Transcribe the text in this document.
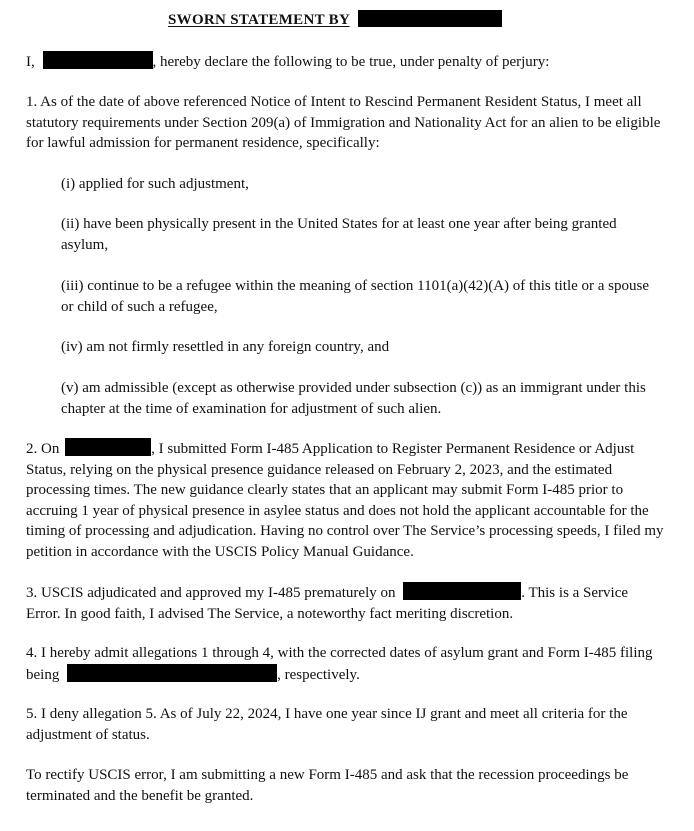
SWORN STATEMENT BY

I,	, hereby declare the following to be true, under penalty of perjury:

1. As of the date of above referenced Notice of Intent to Rescind Permanent Resident Status, I meet all statutory requirements under Section 209(a) of Immigration and Nationality Act for an alien to be eligible for lawful admission for permanent residence, specifically:

(i) applied for such adjustment,

(ii) have been physically present in the United States for at least one year after being granted asylum,

(iii) continue to be a refugee within the meaning of section 1101(a)(42)(A) of this title or a spouse or child of such a refugee,

(iv) am not firmly resettled in any foreign country, and

(v) am admissible (except as otherwise provided under subsection (c)) as an immigrant under this chapter at the time of examination for adjustment of such alien.

2. On	, I submitted Form I-485 Application to Register Permanent Residence or Adjust Status, relying on the physical presence guidance released on February 2, 2023, and the estimated processing times. The new guidance clearly states that an applicant may submit Form I-485 prior to accruing 1 year of physical presence in asylee status and does not hold the applicant accountable for the timing of processing and adjudication. Having no control over The Service’s processing speeds, I filed my petition in accordance with the USCIS Policy Manual Guidance.

3. USCIS adjudicated and approved my I-485 prematurely on	. This is a Service Error. In good faith, I advised The Service, a noteworthy fact meriting discretion.

4. I hereby admit allegations 1 through 4, with the corrected dates of asylum grant and Form I-485 filing being	, respectively.

5. I deny allegation 5. As of July 22, 2024, I have one year since IJ grant and meet all criteria for the adjustment of status.

To rectify USCIS error, I am submitting a new Form I-485 and ask that the recession proceedings be terminated and the benefit be granted.
